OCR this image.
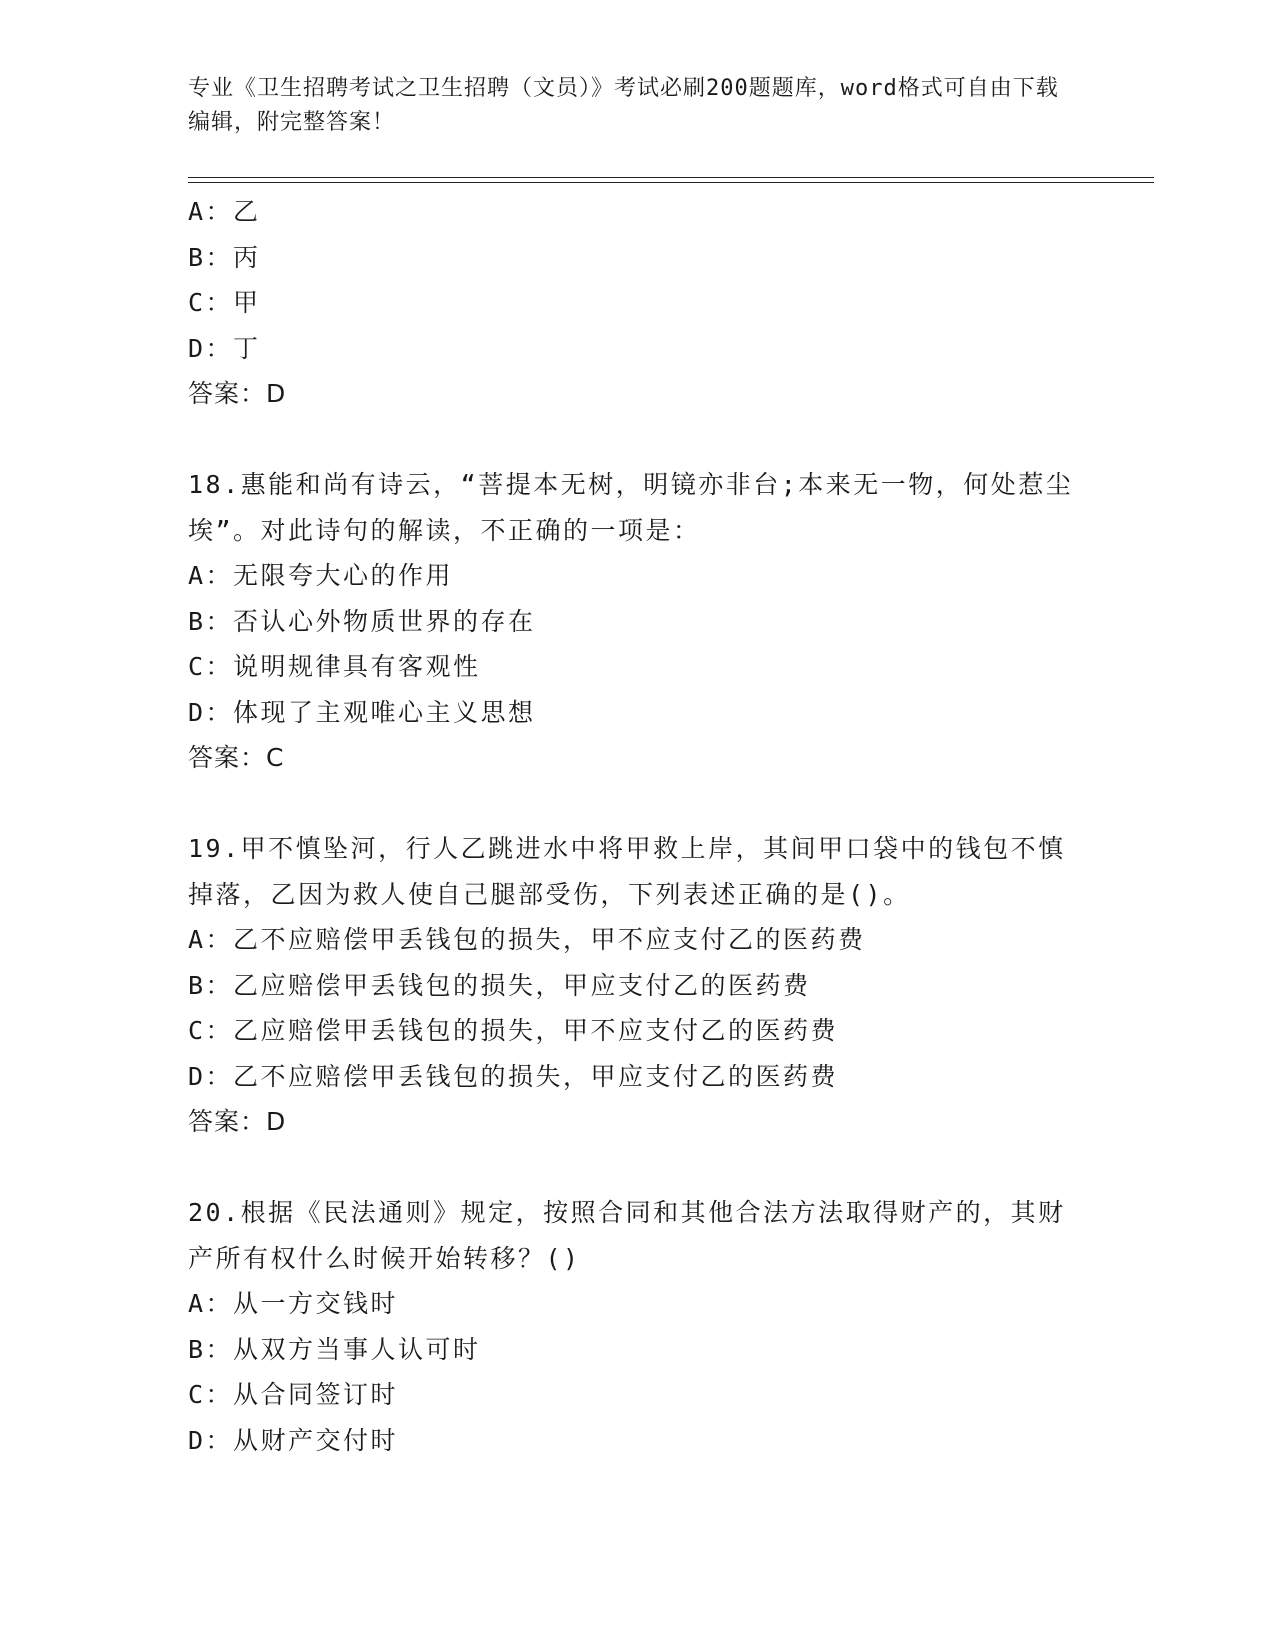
专业《卫生招聘考试之卫生招聘（文员）》考试必刷200题题库，word格式可自由下载编辑，附完整答案！
A：乙
B：丙
C：甲
D：丁
答案：D
18.惠能和尚有诗云，“菩提本无树，明镜亦非台;本来无一物，何处惹尘埃”。对此诗句的解读，不正确的一项是：
A：无限夸大心的作用
B：否认心外物质世界的存在
C：说明规律具有客观性
D：体现了主观唯心主义思想
答案：C
19.甲不慎坠河，行人乙跳进水中将甲救上岸，其间甲口袋中的钱包不慎掉落，乙因为救人使自己腿部受伤，下列表述正确的是()。
A：乙不应赔偿甲丢钱包的损失，甲不应支付乙的医药费
B：乙应赔偿甲丢钱包的损失，甲应支付乙的医药费
C：乙应赔偿甲丢钱包的损失，甲不应支付乙的医药费
D：乙不应赔偿甲丢钱包的损失，甲应支付乙的医药费
答案：D
20.根据《民法通则》规定，按照合同和其他合法方法取得财产的，其财产所有权什么时候开始转移？()
A：从一方交钱时
B：从双方当事人认可时
C：从合同签订时
D：从财产交付时
